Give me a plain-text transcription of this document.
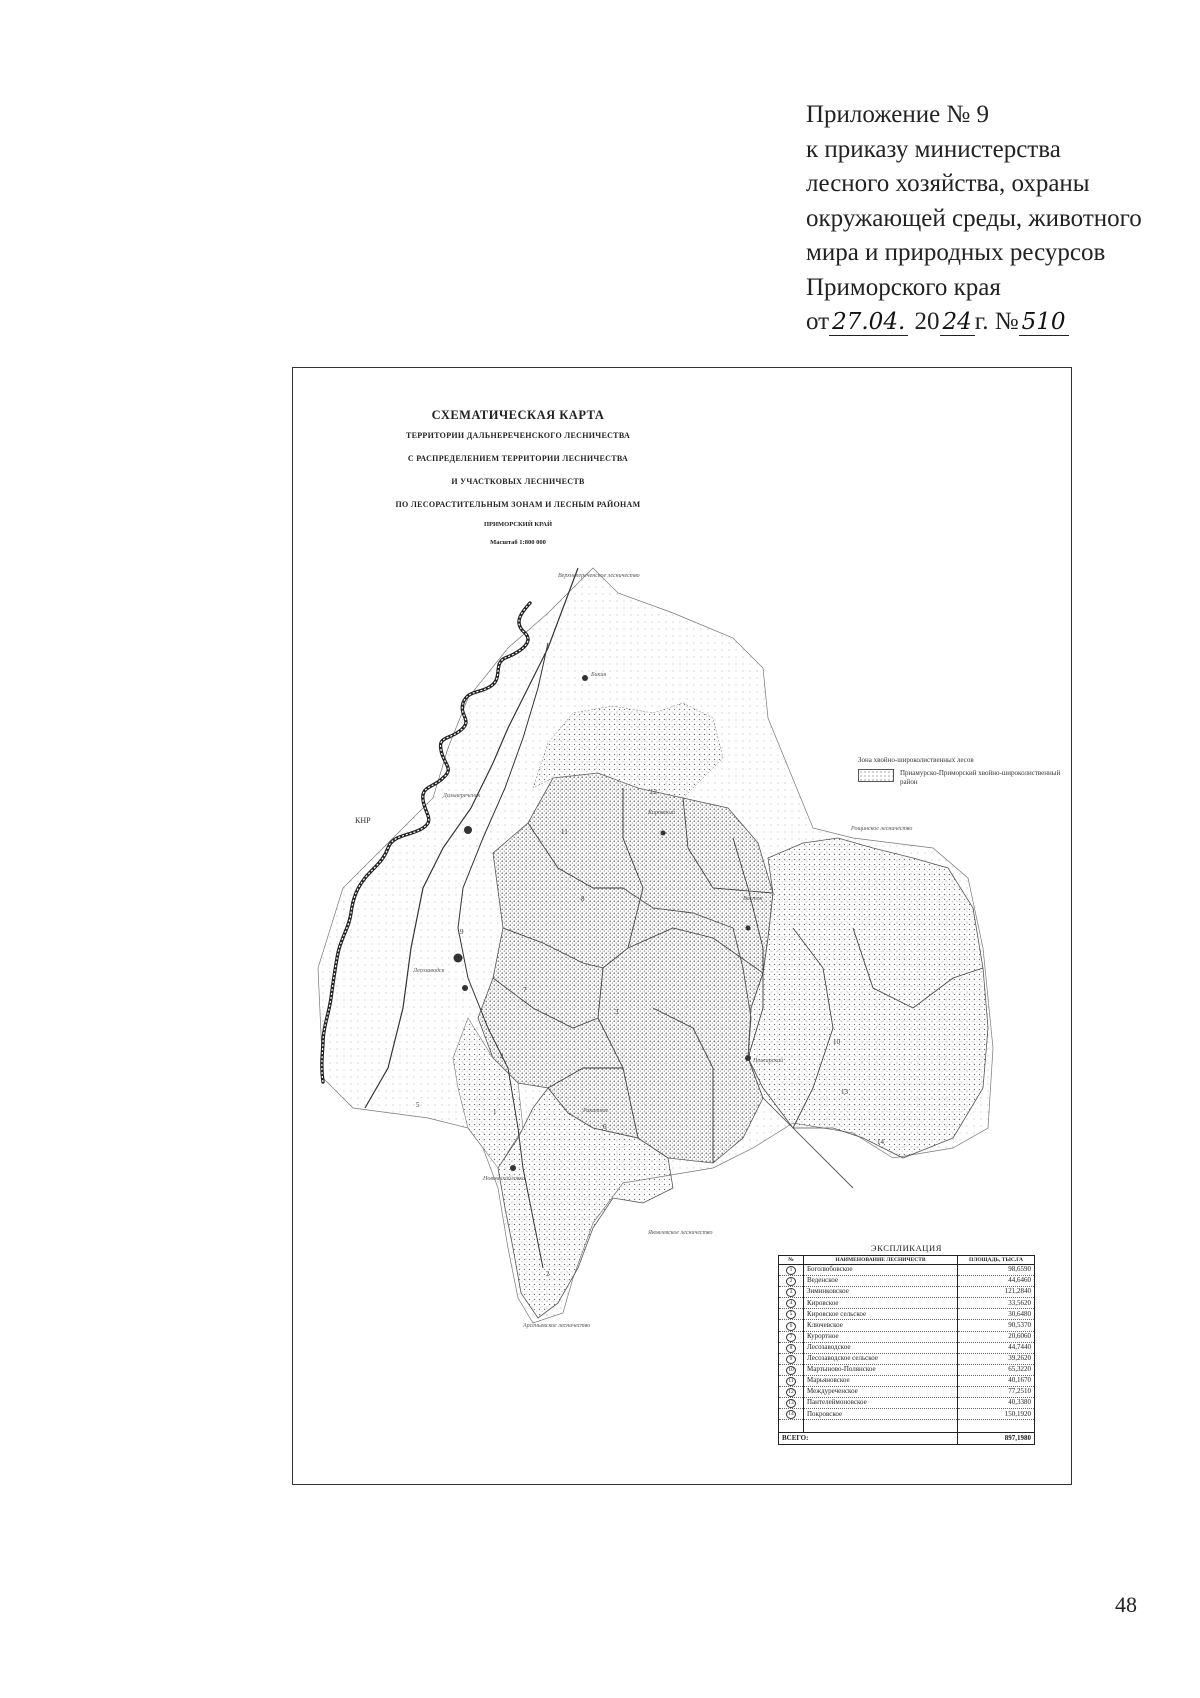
Приложение № 9
к приказу министерства
лесного хозяйства, охраны
окружающей среды, животного
мира и природных ресурсов
Приморского края
от 27.04. 20 24 г. № 510
СХЕМАТИЧЕСКАЯ КАРТА
ТЕРРИТОРИИ ДАЛЬНЕРЕЧЕНСКОГО ЛЕСНИЧЕСТВА
С РАСПРЕДЕЛЕНИЕМ ТЕРРИТОРИИ ЛЕСНИЧЕСТВА
И УЧАСТКОВЫХ ЛЕСНИЧЕСТВ
ПО ЛЕСОРАСТИТЕЛЬНЫМ ЗОНАМ И ЛЕСНЫМ РАЙОНАМ
ПРИМОРСКИЙ КРАЙ
Масштаб 1:800 000
КНР
Верхнепереченское лесничество
Рощинское лесничество
Яковлевское лесничество
Арсеньевское лесничество
Бикин
Дальнереченск
Лесозаводск
Кировский
Восток
Пожарский
Ракитное
Новомихайловка
9
3
7
8
11
12
4
5
6
10
14
13
2
1
Зона хвойно-широколиственных лесов
Приамурско-Приморский хвойно-широколиственный район
ЭКСПЛИКАЦИЯ
№	НАИМЕНОВАНИЕ ЛЕСНИЧЕСТВ	ПЛОЩАДЬ, ТЫС.ГА
1	Боголюбовское	98,6590
2	Веденское	44,6460
3	Зиминковское	121,2840
4	Кировское	33,5620
5	Кировское сельское	30,6480
6	Ключевское	90,5370
7	Курортное	20,6060
8	Лесозаводское	44,7440
9	Лесозаводское сельское	39,2620
10	Мартыново-Полянское	65,3220
11	Марьяновское	40,1670
12	Междуреченское	77,2510
13	Пантелеймоновское	40,3380
14	Покровское	150,1920

ВСЕГО:		897,1980
48
